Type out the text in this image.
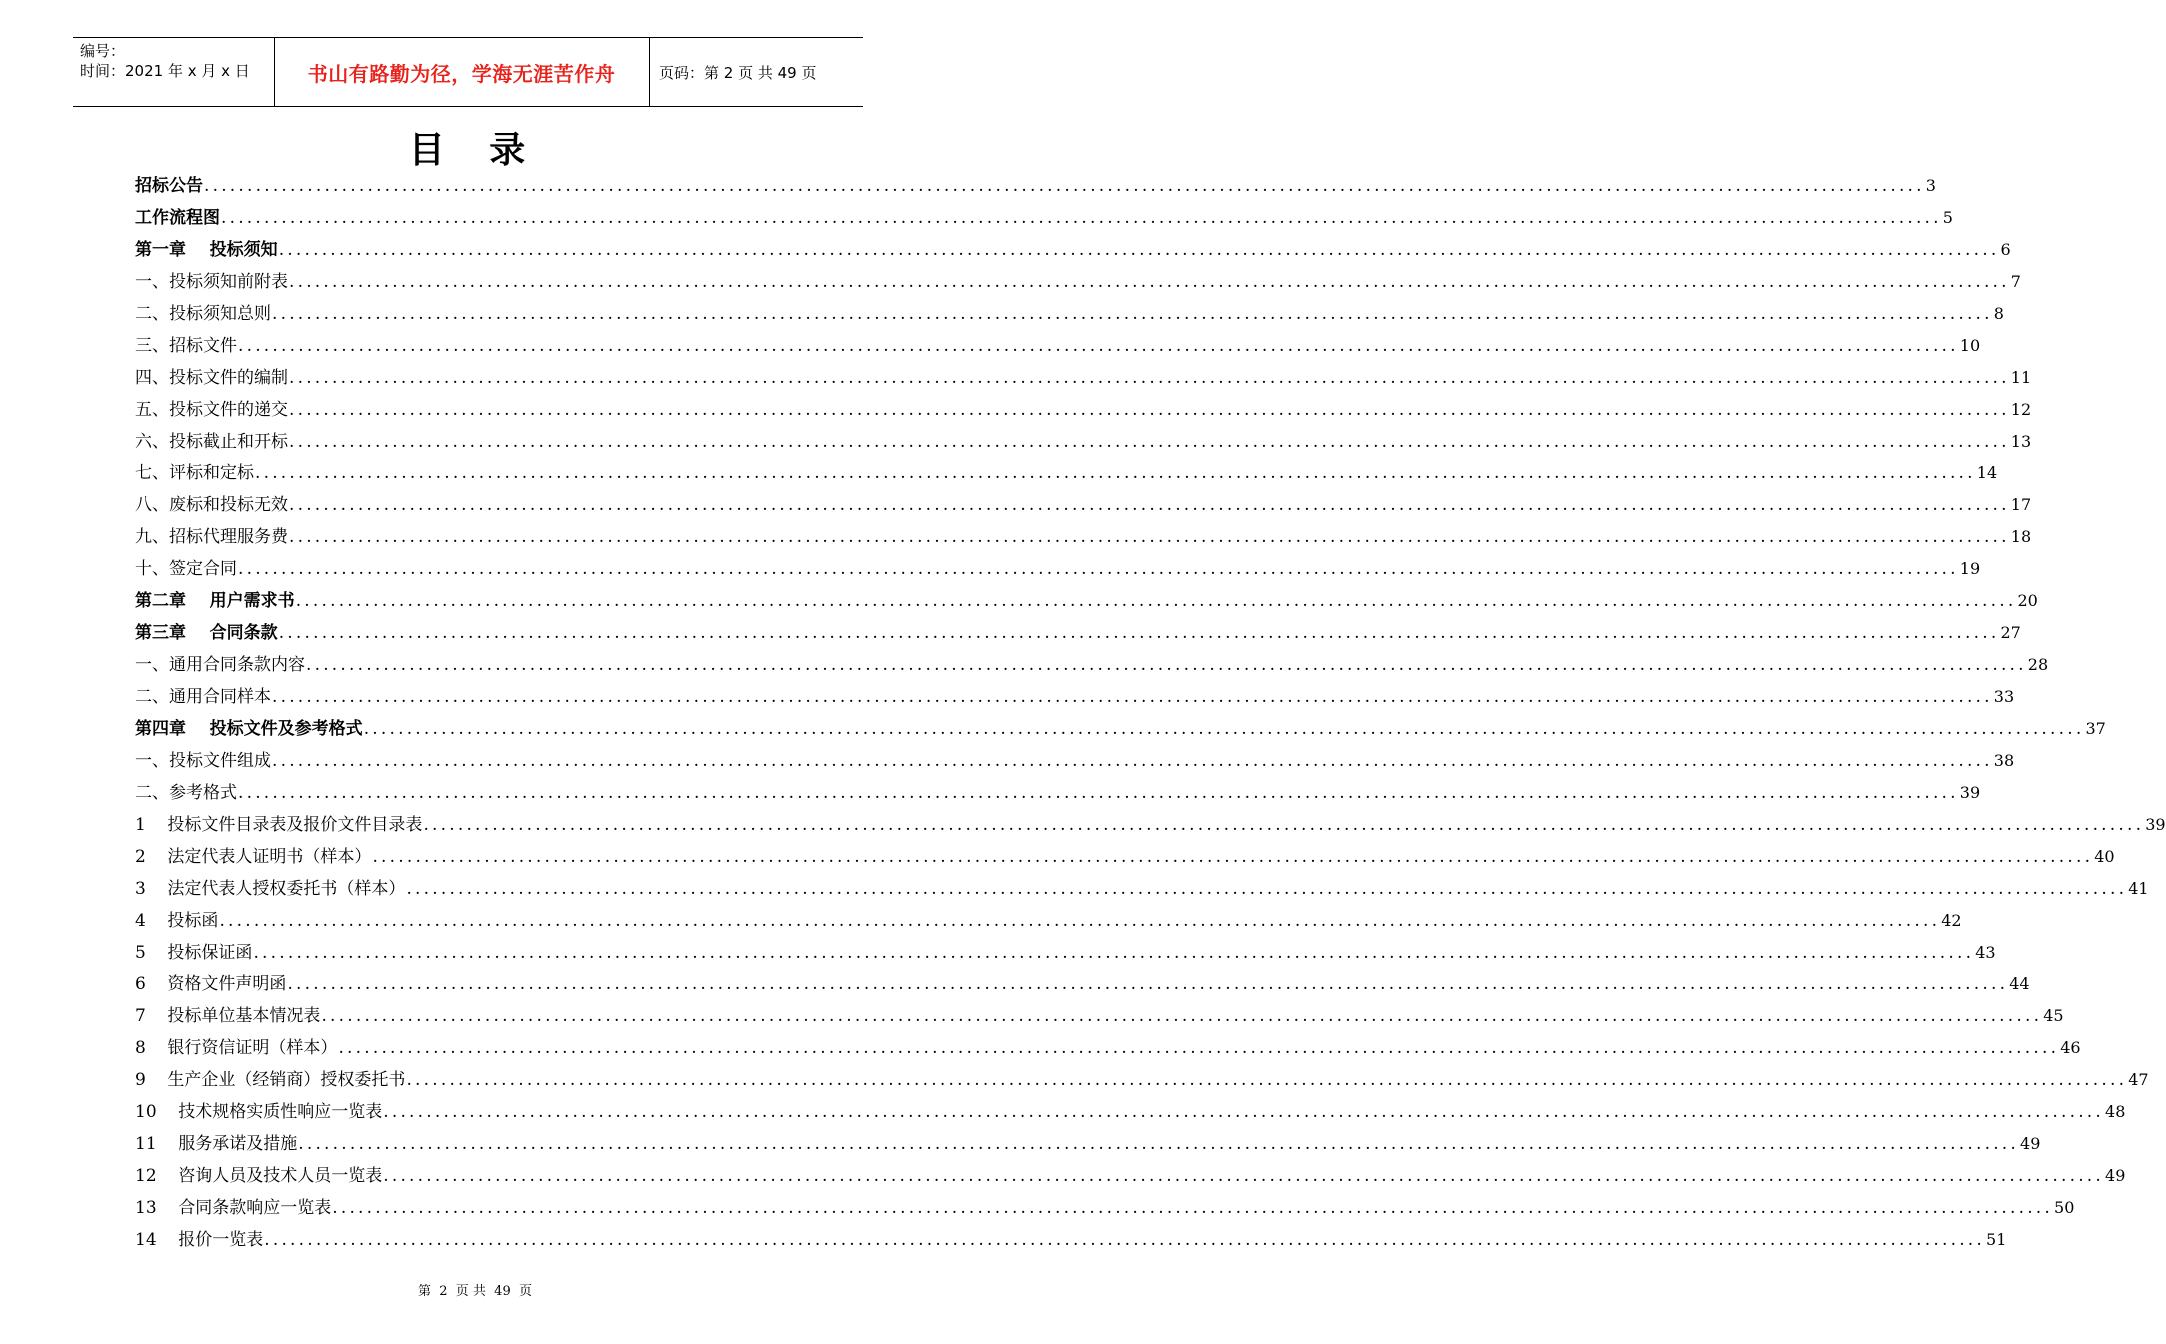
编号：
时间：2021 年 x 月 x 日	书山有路勤为径，学海无涯苦作舟	页码：第 2 页 共 49 页
目 录
招标公告 ........................................................................................................................................................................................................ 3
工作流程图 ........................................................................................................................................................................................................ 5
第一章    投标须知 ........................................................................................................................................................................................................ 6
一、投标须知前附表 ........................................................................................................................................................................................................ 7
二、投标须知总则 ........................................................................................................................................................................................................ 8
三、招标文件 ........................................................................................................................................................................................................ 10
四、投标文件的编制 ........................................................................................................................................................................................................ 11
五、投标文件的递交 ........................................................................................................................................................................................................ 12
六、投标截止和开标 ........................................................................................................................................................................................................ 13
七、评标和定标 ........................................................................................................................................................................................................ 14
八、废标和投标无效 ........................................................................................................................................................................................................ 17
九、招标代理服务费 ........................................................................................................................................................................................................ 18
十、签定合同 ........................................................................................................................................................................................................ 19
第二章    用户需求书 ........................................................................................................................................................................................................ 20
第三章    合同条款 ........................................................................................................................................................................................................ 27
一、通用合同条款内容 ........................................................................................................................................................................................................ 28
二、通用合同样本 ........................................................................................................................................................................................................ 33
第四章    投标文件及参考格式 ........................................................................................................................................................................................................ 37
一、投标文件组成 ........................................................................................................................................................................................................ 38
二、参考格式 ........................................................................................................................................................................................................ 39
1    投标文件目录表及报价文件目录表 ........................................................................................................................................................................................................ 39
2    法定代表人证明书（样本） ........................................................................................................................................................................................................ 40
3    法定代表人授权委托书（样本） ........................................................................................................................................................................................................ 41
4    投标函 ........................................................................................................................................................................................................ 42
5    投标保证函 ........................................................................................................................................................................................................ 43
6    资格文件声明函 ........................................................................................................................................................................................................ 44
7    投标单位基本情况表 ........................................................................................................................................................................................................ 45
8    银行资信证明（样本） ........................................................................................................................................................................................................ 46
9    生产企业（经销商）授权委托书 ........................................................................................................................................................................................................ 47
10    技术规格实质性响应一览表 ........................................................................................................................................................................................................ 48
11    服务承诺及措施 ........................................................................................................................................................................................................ 49
12    咨询人员及技术人员一览表 ........................................................................................................................................................................................................ 49
13    合同条款响应一览表 ........................................................................................................................................................................................................ 50
14    报价一览表 ........................................................................................................................................................................................................ 51
第  2  页 共  49  页
